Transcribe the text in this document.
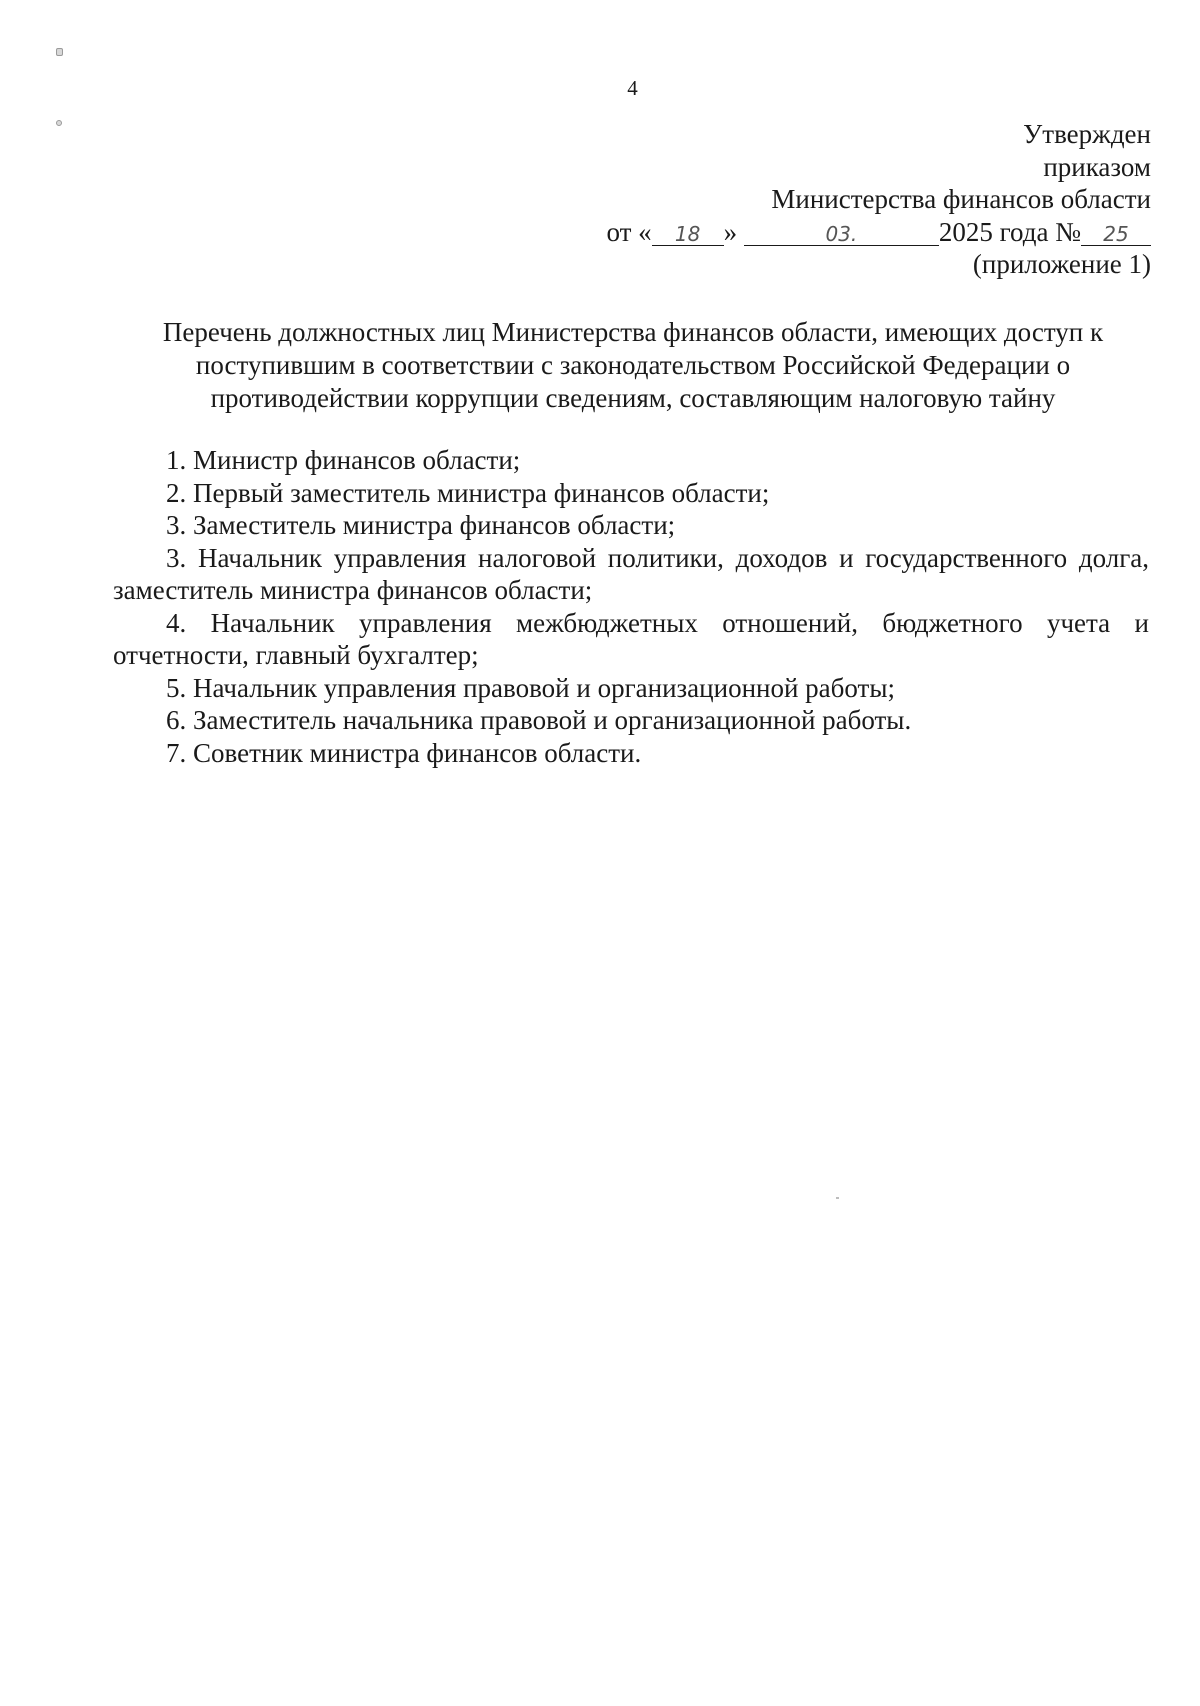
4
Утвержден
приказом
Министерства финансов области
от « 18 »	03.	2025 года № 25
(приложение 1)
Перечень должностных лиц Министерства финансов области, имеющих доступ к поступившим в соответствии с законодательством Российской Федерации о противодействии коррупции сведениям, составляющим налоговую тайну

1. Министр финансов области;

2. Первый заместитель министра финансов области;

3. Заместитель министра финансов области;

3. Начальник управления налоговой политики, доходов и государственного долга, заместитель министра финансов области;

4. Начальник управления межбюджетных отношений, бюджетного учета и отчетности, главный бухгалтер;

5. Начальник управления правовой и организационной работы;

6. Заместитель начальника правовой и организационной работы.

7. Советник министра финансов области.
